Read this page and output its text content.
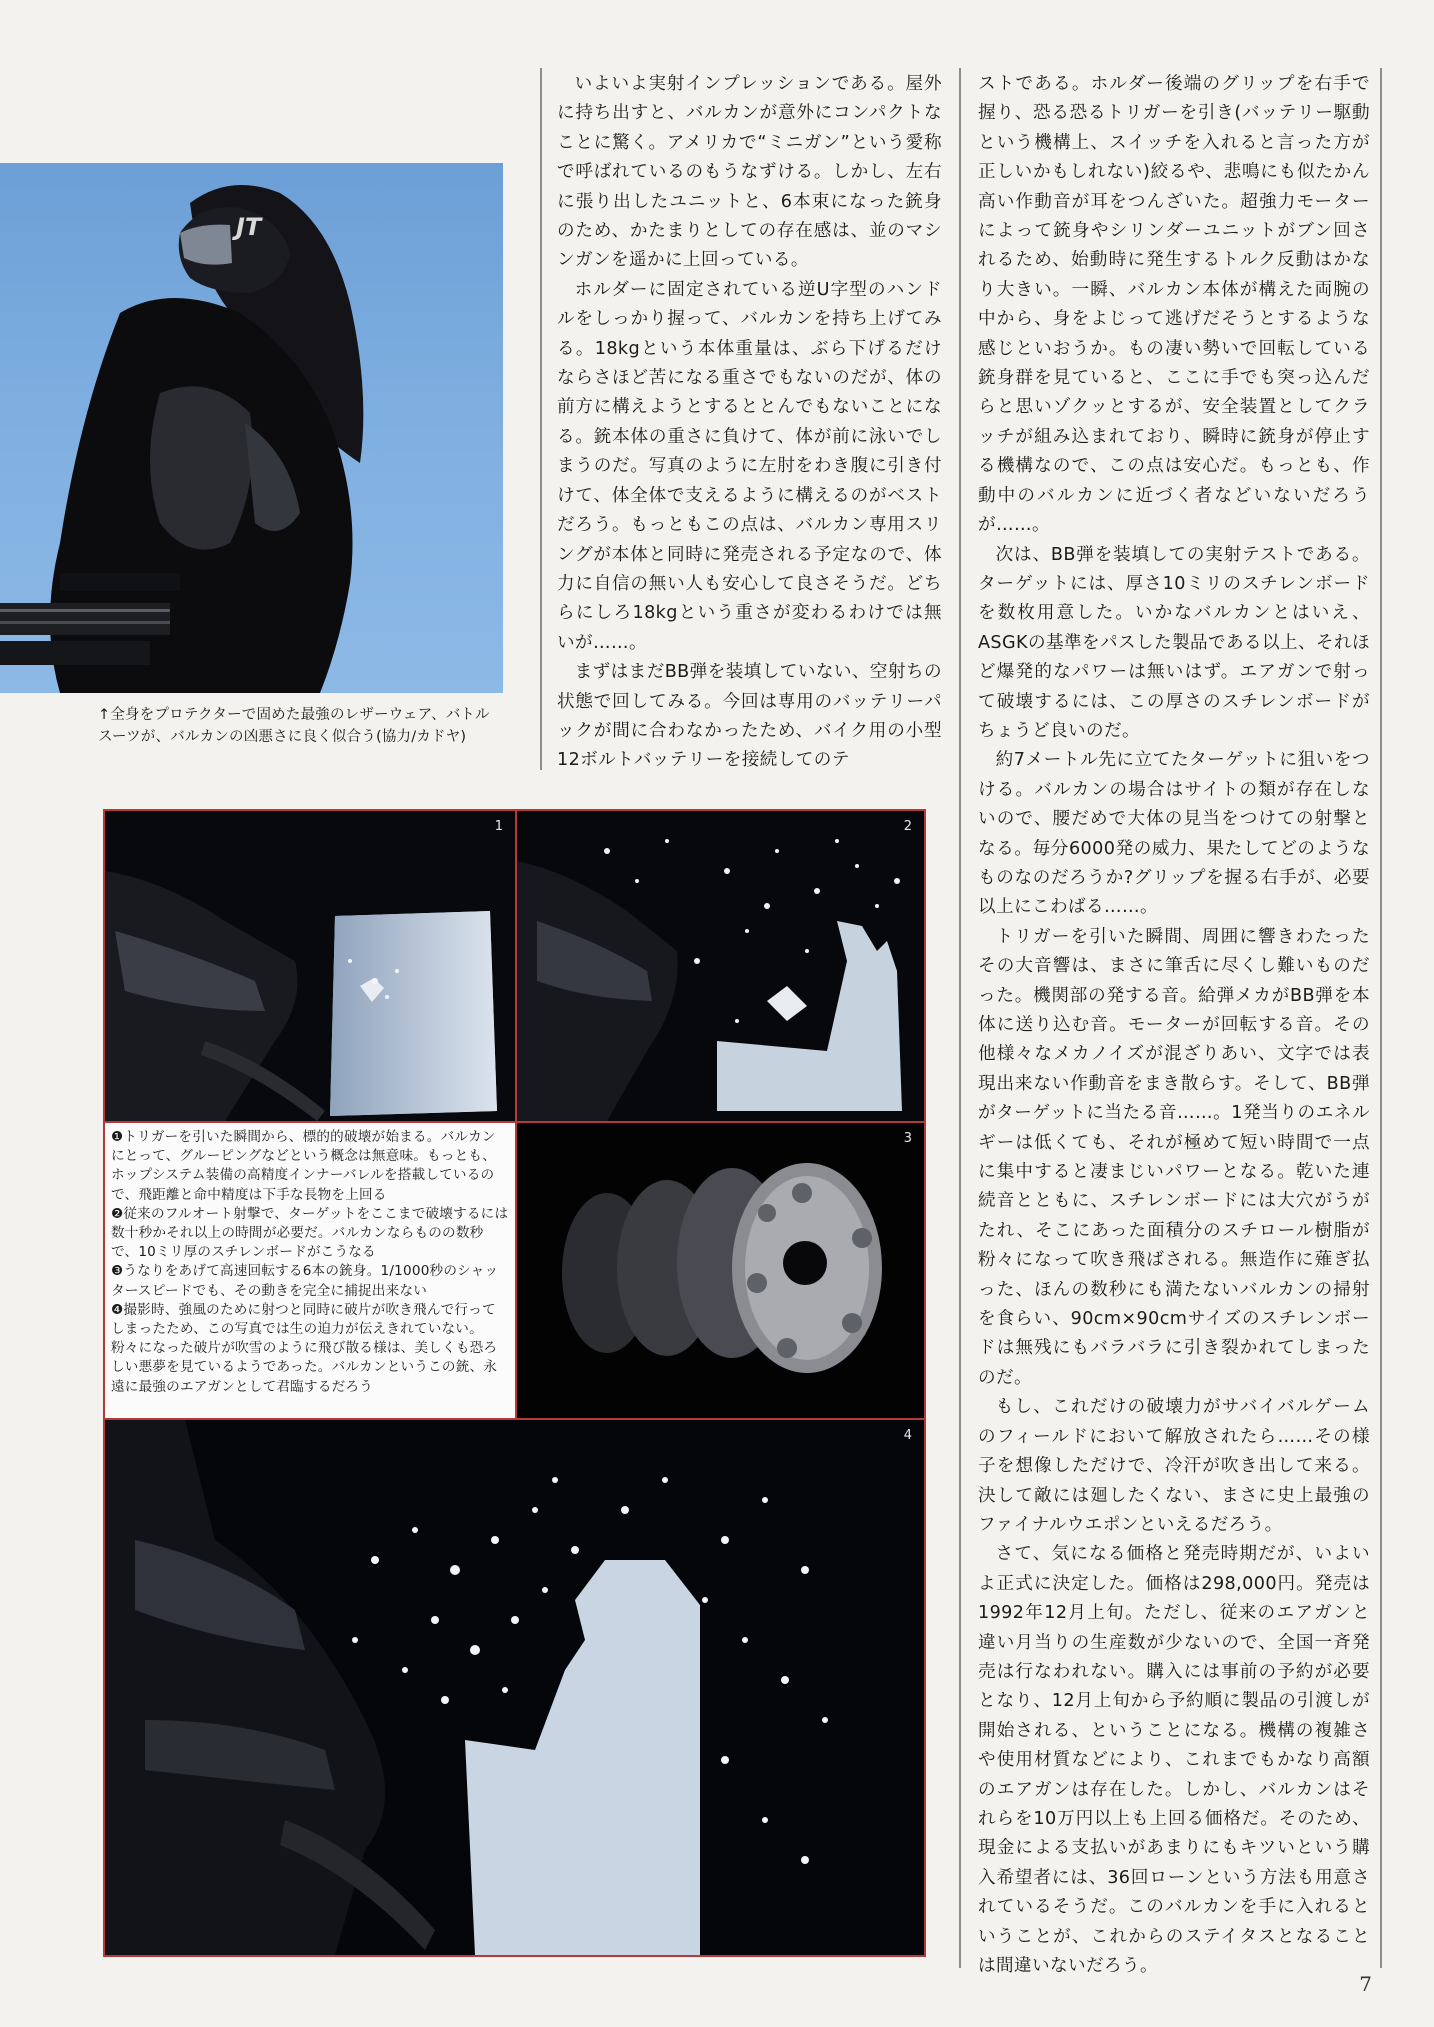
JT
↑全身をプロテクターで固めた最強のレザーウェア、バトルスーツが、バルカンの凶悪さに良く似合う(協力/カドヤ)

いよいよ実射インプレッションである。屋外に持ち出すと、バルカンが意外にコンパクトなことに驚く。アメリカで“ミニガン”という愛称で呼ばれているのもうなずける。しかし、左右に張り出したユニットと、6本束になった銃身のため、かたまりとしての存在感は、並のマシンガンを遥かに上回っている。

ホルダーに固定されている逆U字型のハンドルをしっかり握って、バルカンを持ち上げてみる。18kgという本体重量は、ぶら下げるだけならさほど苦になる重さでもないのだが、体の前方に構えようとするととんでもないことになる。銃本体の重さに負けて、体が前に泳いでしまうのだ。写真のように左肘をわき腹に引き付けて、体全体で支えるように構えるのがベストだろう。もっともこの点は、バルカン専用スリングが本体と同時に発売される予定なので、体力に自信の無い人も安心して良さそうだ。どちらにしろ18kgという重さが変わるわけでは無いが……。

まずはまだBB弾を装填していない、空射ちの状態で回してみる。今回は専用のバッテリーパックが間に合わなかったため、バイク用の小型12ボルトバッテリーを接続してのテ

ストである。ホルダー後端のグリップを右手で握り、恐る恐るトリガーを引き(バッテリー駆動という機構上、スイッチを入れると言った方が正しいかもしれない)絞るや、悲鳴にも似たかん高い作動音が耳をつんざいた。超強力モーターによって銃身やシリンダーユニットがブン回されるため、始動時に発生するトルク反動はかなり大きい。一瞬、バルカン本体が構えた両腕の中から、身をよじって逃げだそうとするような感じといおうか。もの凄い勢いで回転している銃身群を見ていると、ここに手でも突っ込んだらと思いゾクッとするが、安全装置としてクラッチが組み込まれており、瞬時に銃身が停止する機構なので、この点は安心だ。もっとも、作動中のバルカンに近づく者などいないだろうが……。

次は、BB弾を装填しての実射テストである。ターゲットには、厚さ10ミリのスチレンボードを数枚用意した。いかなバルカンとはいえ、ASGKの基準をパスした製品である以上、それほど爆発的なパワーは無いはず。エアガンで射って破壊するには、この厚さのスチレンボードがちょうど良いのだ。

約7メートル先に立てたターゲットに狙いをつける。バルカンの場合はサイトの類が存在しないので、腰だめで大体の見当をつけての射撃となる。毎分6000発の威力、果たしてどのようなものなのだろうか?グリップを握る右手が、必要以上にこわばる……。

トリガーを引いた瞬間、周囲に響きわたったその大音響は、まさに筆舌に尽くし難いものだった。機関部の発する音。給弾メカがBB弾を本体に送り込む音。モーターが回転する音。その他様々なメカノイズが混ざりあい、文字では表現出来ない作動音をまき散らす。そして、BB弾がターゲットに当たる音……。1発当りのエネルギーは低くても、それが極めて短い時間で一点に集中すると凄まじいパワーとなる。乾いた連続音とともに、スチレンボードには大穴がうがたれ、そこにあった面積分のスチロール樹脂が粉々になって吹き飛ばされる。無造作に薙ぎ払った、ほんの数秒にも満たないバルカンの掃射を食らい、90cm×90cmサイズのスチレンボードは無残にもバラバラに引き裂かれてしまったのだ。

もし、これだけの破壊力がサバイバルゲームのフィールドにおいて解放されたら……その様子を想像しただけで、冷汗が吹き出して来る。決して敵には廻したくない、まさに史上最強のファイナルウエポンといえるだろう。

さて、気になる価格と発売時期だが、いよいよ正式に決定した。価格は298,000円。発売は1992年12月上旬。ただし、従来のエアガンと違い月当りの生産数が少ないので、全国一斉発売は行なわれない。購入には事前の予約が必要となり、12月上旬から予約順に製品の引渡しが開始される、ということになる。機構の複雑さや使用材質などにより、これまでもかなり高額のエアガンは存在した。しかし、バルカンはそれらを10万円以上も上回る価格だ。そのため、現金による支払いがあまりにもキツいという購入希望者には、36回ローンという方法も用意されているそうだ。このバルカンを手に入れるということが、これからのステイタスとなることは間違いないだろう。

1	2

❶トリガーを引いた瞬間から、標的的破壊が始まる。バルカンにとって、グルーピングなどという概念は無意味。もっとも、ホップシステム装備の高精度インナーバレルを搭載しているので、飛距離と命中精度は下手な長物を上回る

❷従来のフルオート射撃で、ターゲットをここまで破壊するには数十秒かそれ以上の時間が必要だ。バルカンならものの数秒で、10ミリ厚のスチレンボードがこうなる

❸うなりをあげて高速回転する6本の銃身。1/1000秒のシャッタースピードでも、その動きを完全に捕捉出来ない

❹撮影時、強風のために射つと同時に破片が吹き飛んで行ってしまったため、この写真では生の迫力が伝えきれていない。粉々になった破片が吹雪のように飛び散る様は、美しくも恐ろしい悪夢を見ているようであった。バルカンというこの銃、永遠に最強のエアガンとして君臨するだろう

3
4
7
